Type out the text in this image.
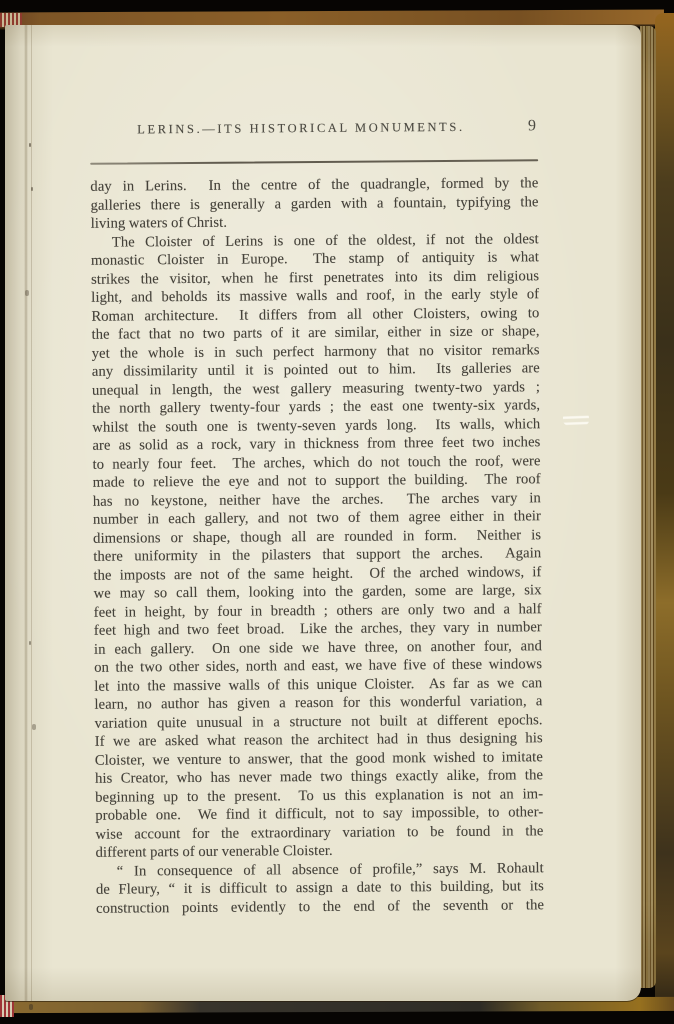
LERINS.—ITS HISTORICAL MONUMENTS.	9
day in Lerins.  In the centre of the quadrangle, formed by the
galleries there is generally a garden with a fountain, typifying the
living waters of Christ.
The Cloister of Lerins is one of the oldest, if not the oldest
monastic Cloister in Europe.  The stamp of antiquity is what
strikes the visitor, when he first penetrates into its dim religious
light, and beholds its massive walls and roof, in the early style of
Roman architecture.  It differs from all other Cloisters, owing to
the fact that no two parts of it are similar, either in size or shape,
yet the whole is in such perfect harmony that no visitor remarks
any dissimilarity until it is pointed out to him.  Its galleries are
unequal in length, the west gallery measuring twenty-two yards ;
the north gallery twenty-four yards ; the east one twenty-six yards,
whilst the south one is twenty-seven yards long.  Its walls, which
are as solid as a rock, vary in thickness from three feet two inches
to nearly four feet.  The arches, which do not touch the roof, were
made to relieve the eye and not to support the building.  The roof
has no keystone, neither have the arches.  The arches vary in
number in each gallery, and not two of them agree either in their
dimensions or shape, though all are rounded in form.  Neither is
there uniformity in the pilasters that support the arches.  Again
the imposts are not of the same height.  Of the arched windows, if
we may so call them, looking into the garden, some are large, six
feet in height, by four in breadth ; others are only two and a half
feet high and two feet broad.  Like the arches, they vary in number
in each gallery.  On one side we have three, on another four, and
on the two other sides, north and east, we have five of these windows
let into the massive walls of this unique Cloister.  As far as we can
learn, no author has given a reason for this wonderful variation, a
variation quite unusual in a structure not built at different epochs.
If we are asked what reason the architect had in thus designing his
Cloister, we venture to answer, that the good monk wished to imitate
his Creator, who has never made two things exactly alike, from the
beginning up to the present.  To us this explanation is not an im-
probable one.  We find it difficult, not to say impossible, to other-
wise account for the extraordinary variation to be found in the
different parts of our venerable Cloister.
“ In consequence of all absence of profile,” says M. Rohault
de Fleury, “ it is difficult to assign a date to this building, but its
construction points evidently to the end of the seventh or the
